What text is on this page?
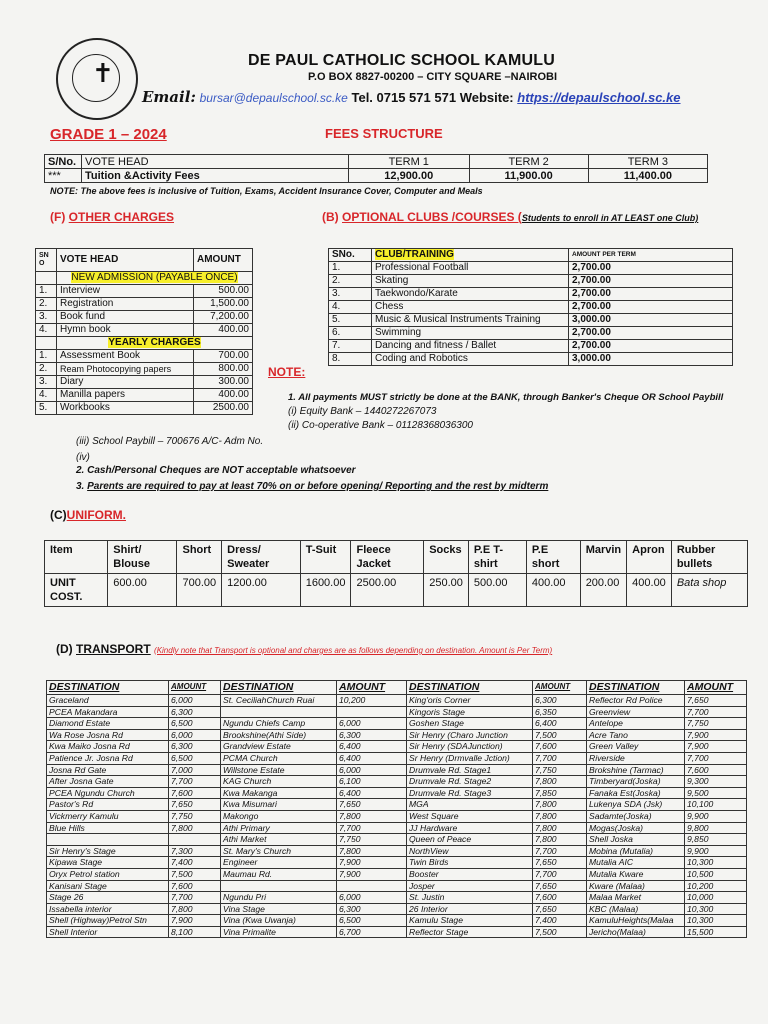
✝	DE PAUL CATHOLIC SCHOOL KAMULU
P.O BOX 8827-00200 – CITY SQUARE –NAIROBI
Email: bursar@depaulschool.sc.ke Tel. 0715 571 571 Website: https://depaulschool.sc.ke
GRADE 1 – 2024	FEES STRUCTURE
S/No.	VOTE HEAD	TERM 1	TERM 2	TERM 3
***	Tuition &Activity Fees	12,900.00	11,900.00	11,400.00
NOTE: The above fees is inclusive of Tuition, Exams, Accident Insurance Cover, Computer and Meals
(F) OTHER CHARGES	(B) OPTIONAL CLUBS /COURSES (Students to enroll in AT LEAST one Club)
SN O	VOTE HEAD	AMOUNT
	NEW ADMISSION (PAYABLE ONCE)	
1.	Interview	500.00
2.	Registration	1,500.00
3.	Book fund	7,200.00
4.	Hymn book	400.00
	YEARLY CHARGES	
1.	Assessment Book	700.00
2.	Ream Photocopying papers	800.00
3.	Diary	300.00
4.	Manilla papers	400.00
5.	Workbooks	2500.00
SNo.	CLUB/TRAINING	AMOUNT PER TERM
1.	Professional Football	2,700.00
2.	Skating	2,700.00
3.	Taekwondo/Karate	2,700.00
4.	Chess	2,700.00
5.	Music & Musical Instruments Training	3,000.00
6.	Swimming	2,700.00
7.	Dancing and fitness / Ballet	2,700.00
8.	Coding and Robotics	3,000.00
NOTE:
1. All payments MUST strictly be done at the BANK, through Banker's Cheque OR School Paybill
(i) Equity Bank – 1440272267073
(ii) Co-operative Bank – 01128368036300
(iii) School Paybill – 700676 A/C- Adm No.
(iv)
2. Cash/Personal Cheques are NOT acceptable whatsoever
3. Parents are required to pay at least 70% on or before opening/ Reporting and the rest by midterm
(C)UNIFORM.
Item	Shirt/ Blouse	Short	Dress/ Sweater	T-Suit	Fleece Jacket	Socks	P.E T-shirt	P.E short	Marvin	Apron	Rubber bullets
UNIT COST.	600.00	700.00	1200.00	1600.00	2500.00	250.00	500.00	400.00	200.00	400.00	Bata shop
(D) TRANSPORT (Kindly note that Transport is optional and charges are as follows depending on destination. Amount is Per Term)
DESTINATION	AMOUNT	DESTINATION	AMOUNT	DESTINATION	AMOUNT	DESTINATION	AMOUNT
Graceland	6,000	St. CeciliahChurch Ruai	10,200	King'oris Corner	6,300	Reflector Rd Police	7,650
PCEA Makandara	6,300			Kingoris Stage	6,350	Greenview	7,700
Diamond Estate	6,500	Ngundu Chiefs Camp	6,000	Goshen Stage	6,400	Antelope	7,750
Wa Rose Josna Rd	6,000	Brookshine(Athi Side)	6,300	Sir Henry (Charo Junction	7,500	Acre Tano	7,900
Kwa Maiko Josna Rd	6,300	Grandview Estate	6,400	Sir Henry (SDAJunction)	7,600	Green Valley	7,900
Patience Jr. Josna Rd	6,500	PCMA Church	6,400	Sr Henry (Drmvalle Jction)	7,700	Riverside	7,700
Josna Rd Gate	7,000	Willstone Estate	6,000	Drumvale Rd. Stage1	7,750	Brokshine (Tarmac)	7,600
After Josna Gate	7,700	KAG Church	6,100	Drumvale Rd. Stage2	7,800	Timberyard(Joska)	9,300
PCEA Ngundu Church	7,600	Kwa Makanga	6,400	Drumvale Rd. Stage3	7,850	Fanaka Est(Joska)	9,500
Pastor's Rd	7,650	Kwa Misumari	7,650	MGA	7,800	Lukenya SDA (Jsk)	10,100
Vickmerry Kamulu	7,750	Makongo	7,800	West Square	7,800	Sadamte(Joska)	9,900
Blue Hills	7,800	Athi Primary	7,700	JJ Hardware	7,800	Mogas(Joska)	9,800
		Athi Market	7,750	Queen of Peace	7,800	Shell Joska	9,850
Sir Henry's Stage	7,300	St. Mary's Church	7,800	NorthView	7,700	Mobina (Mutalia)	9,900
Kipawa Stage	7,400	Engineer	7,900	Twin Birds	7,650	Mutalia AIC	10,300
Oryx Petrol station	7,500	Maumau Rd.	7,900	Booster	7,700	Mutalia Kware	10,500
Kanisani Stage	7,600			Josper	7,650	Kware (Malaa)	10,200
Stage 26	7,700	Ngundu Pri	6,000	St. Justin	7,600	Malaa Market	10,000
Issabella interior	7,800	Vina Stage	6,300	26 Interior	7,650	KBC (Malaa)	10,300
Shell (Highway)Petrol Stn	7,900	Vina (Kwa Uwanja)	6,500	Kamulu Stage	7,400	KamuluHeights(Malaa	10,300
Shell Interior	8,100	Vina Primalite	6,700	Reflector Stage	7,500	Jericho(Malaa)	15,500
